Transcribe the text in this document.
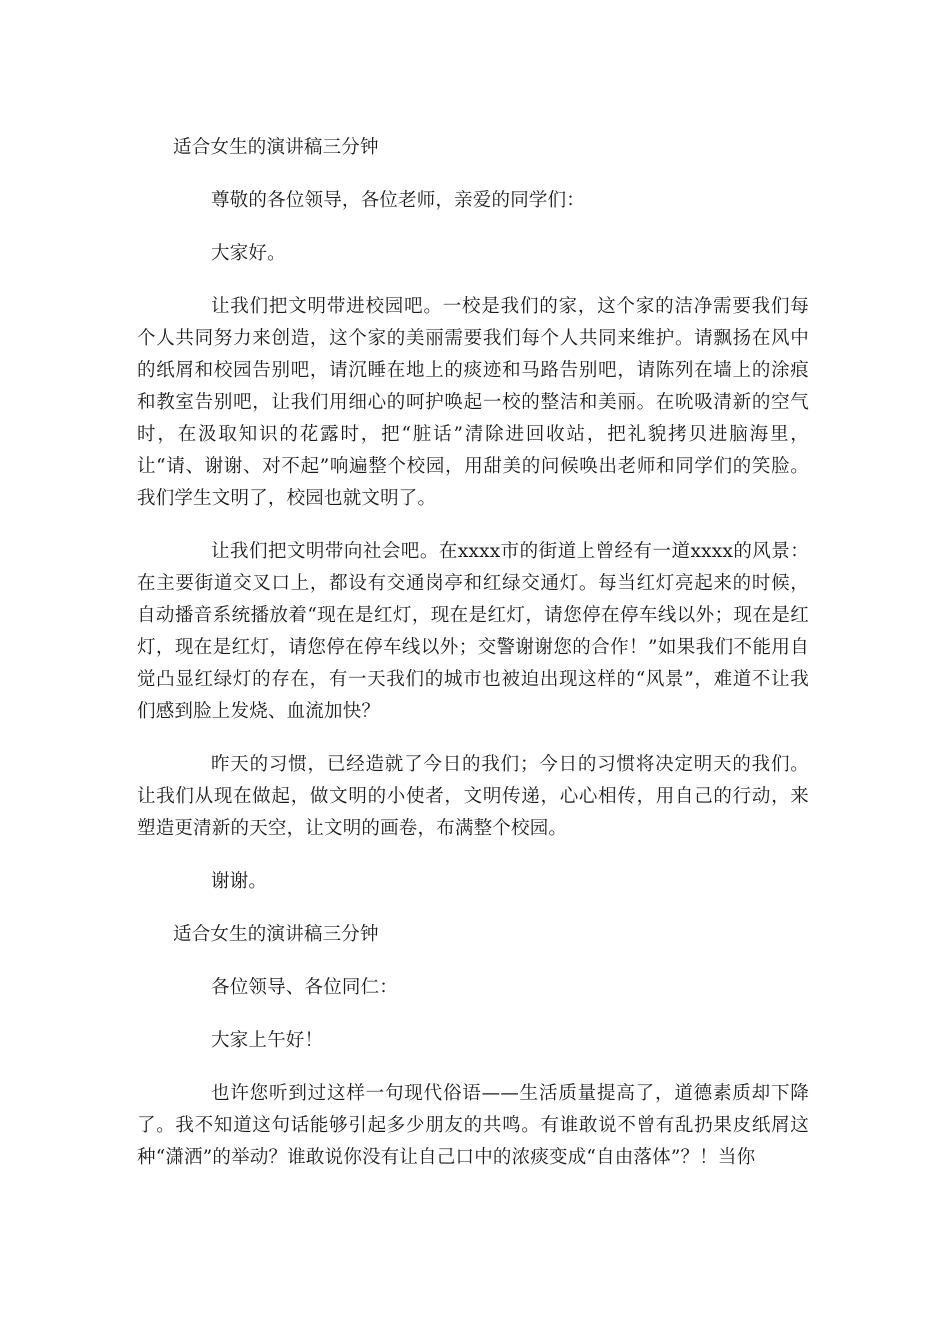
适合女生的演讲稿三分钟

尊敬的各位领导，各位老师，亲爱的同学们：

大家好。

让我们把文明带进校园吧。一校是我们的家，这个家的洁净需要我们每个人共同努力来创造，这个家的美丽需要我们每个人共同来维护。请飘扬在风中的纸屑和校园告别吧，请沉睡在地上的痰迹和马路告别吧，请陈列在墙上的涂痕和教室告别吧，让我们用细心的呵护唤起一校的整洁和美丽。在吮吸清新的空气时，在汲取知识的花露时，把“脏话”清除进回收站，把礼貌拷贝进脑海里，让“请、谢谢、对不起”响遍整个校园，用甜美的问候唤出老师和同学们的笑脸。我们学生文明了，校园也就文明了。

让我们把文明带向社会吧。在xxxx市的街道上曾经有一道xxxx的风景：在主要街道交叉口上，都设有交通岗亭和红绿交通灯。每当红灯亮起来的时候，自动播音系统播放着“现在是红灯，现在是红灯，请您停在停车线以外；现在是红灯，现在是红灯，请您停在停车线以外；交警谢谢您的合作！”如果我们不能用自觉凸显红绿灯的存在，有一天我们的城市也被迫出现这样的“风景”，难道不让我们感到脸上发烧、血流加快？

昨天的习惯，已经造就了今日的我们；今日的习惯将决定明天的我们。让我们从现在做起，做文明的小使者，文明传递，心心相传，用自己的行动，来塑造更清新的天空，让文明的画卷，布满整个校园。

谢谢。

适合女生的演讲稿三分钟

各位领导、各位同仁：

大家上午好！

也许您听到过这样一句现代俗语——生活质量提高了，道德素质却下降了。我不知道这句话能够引起多少朋友的共鸣。有谁敢说不曾有乱扔果皮纸屑这种“潇洒”的举动？谁敢说你没有让自己口中的浓痰变成“自由落体”？！当你
